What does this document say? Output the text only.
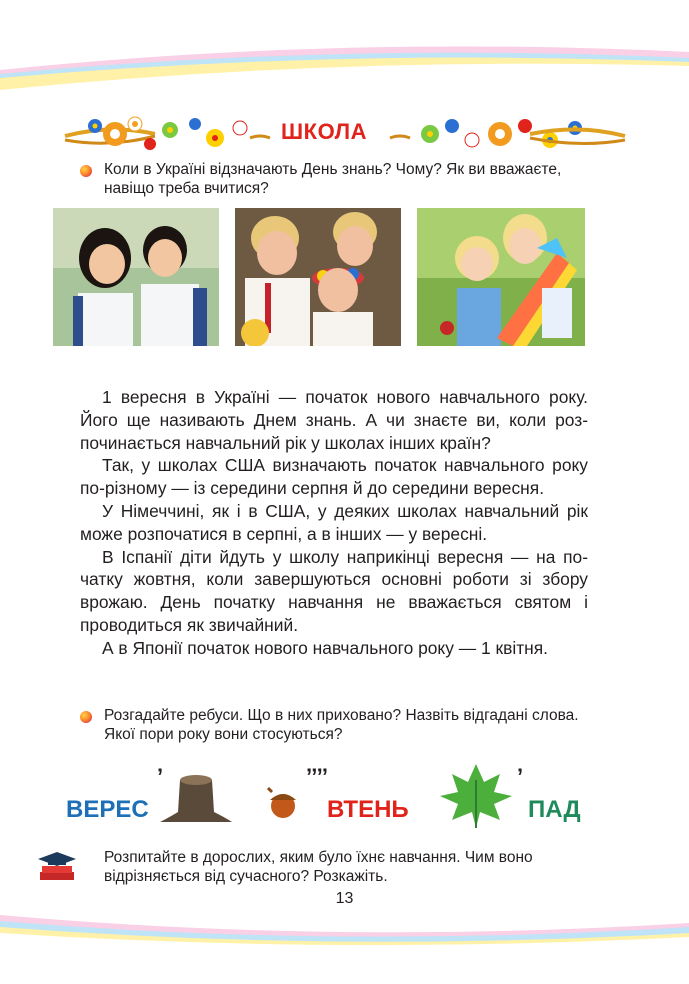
ШКОЛА
Коли в Україні відзначають День знань? Чому? Як ви вважаєте, навіщо треба вчитися?

1 вересня в Україні — початок нового навчального року. Його ще називають Днем знань. А чи знаєте ви, коли розпочинається навчальний рік у школах інших країн?

Так, у школах США визначають початок навчального року по-різному — із середини серпня й до середини вересня.

У Німеччині, як і в США, у деяких школах навчальний рік може розпочатися в серпні, а в інших — у вересні.

В Іспанії діти йдуть у школу наприкінці вересня — на початку жовтня, коли завершуються основні роботи зі збору врожаю. День початку навчання не вважається святом і проводиться як звичайний.

А в Японії початок нового навчального року — 1 квітня.

Розгадайте ребуси. Що в них приховано? Назвіть відгадані слова. Якої пори року вони стосуються?
ВЕРЕС
’	’’’’
ВТЕНЬ
’
ПАД
Розпитайте в дорослих, яким було їхнє навчання. Чим воно відрізняється від сучасного? Розкажіть.
13
